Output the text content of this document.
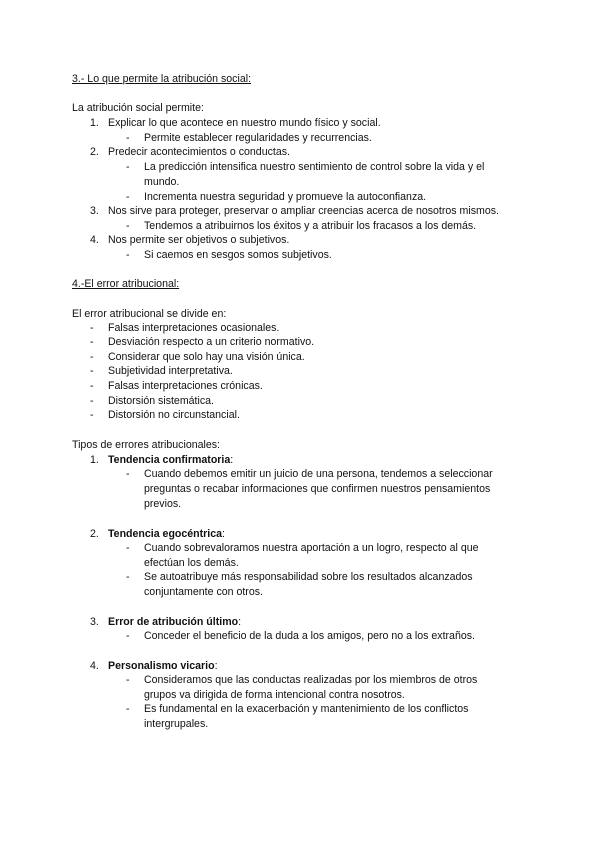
3.- Lo que permite la atribución social:
La atribución social permite:
1. Explicar lo que acontece en nuestro mundo físico y social.
- Permite establecer regularidades y recurrencias.
2. Predecir acontecimientos o conductas.
- La predicción intensifica nuestro sentimiento de control sobre la vida y el
mundo.
- Incrementa nuestra seguridad y promueve la autoconfianza.
3. Nos sirve para proteger, preservar o ampliar creencias acerca de nosotros mismos.
- Tendemos a atribuirnos los éxitos y a atribuir los fracasos a los demás.
4. Nos permite ser objetivos o subjetivos.
- Si caemos en sesgos somos subjetivos.
4.-El error atribucional:
El error atribucional se divide en:
- Falsas interpretaciones ocasionales.
- Desviación respecto a un criterio normativo.
- Considerar que solo hay una visión única.
- Subjetividad interpretativa.
- Falsas interpretaciones crónicas.
- Distorsión sistemática.
- Distorsión no circunstancial.
Tipos de errores atribucionales:
1. Tendencia confirmatoria:
- Cuando debemos emitir un juicio de una persona, tendemos a seleccionar
preguntas o recabar informaciones que confirmen nuestros pensamientos
previos.
2. Tendencia egocéntrica:
- Cuando sobrevaloramos nuestra aportación a un logro, respecto al que
efectúan los demás.
- Se autoatribuye más responsabilidad sobre los resultados alcanzados
conjuntamente con otros.
3. Error de atribución último:
- Conceder el beneficio de la duda a los amigos, pero no a los extraños.
4. Personalismo vicario:
- Consideramos que las conductas realizadas por los miembros de otros
grupos va dirigida de forma intencional contra nosotros.
- Es fundamental en la exacerbación y mantenimiento de los conflictos
intergrupales.
